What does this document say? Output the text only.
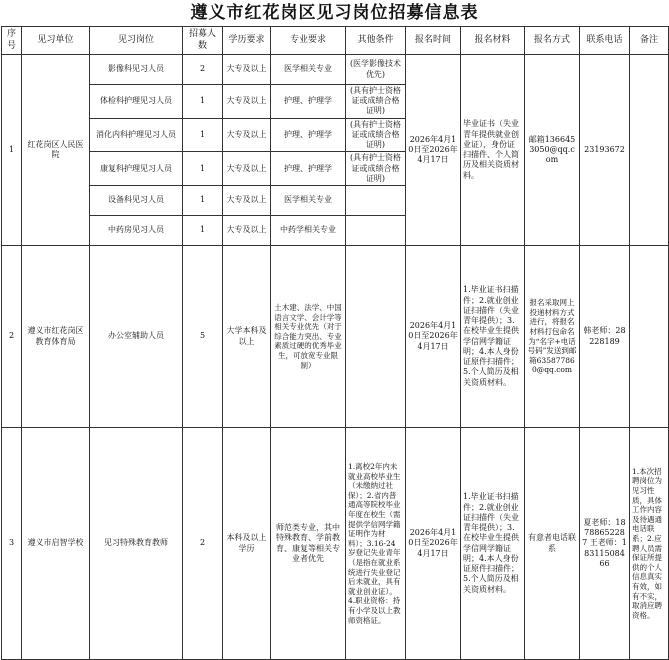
遵义市红花岗区见习岗位招募信息表
序号	见习单位	见习岗位	招募人数	学历要求	专业要求	其他条件	报名时间	报名材料	报名方式	联系电话	备注
1	红花岗区人民医院	影像科见习人员	2	大专及以上	医学相关专业	(医学影像技术优先)	2026年4月10日至2026年4月17日	毕业证书（失业青年提供就业创业证），身份证扫描件、个人简历及相关资质材料。	邮箱1366453050@qq.com	23193672	
		体检科护理见习人员	1	大专及以上	护理、护理学	(具有护士资格证或成绩合格证明)					
		消化内科护理见习人员	1	大专及以上	护理、护理学	(具有护士资格证或成绩合格证明)					
		康复科护理见习人员	1	大专及以上	护理、护理学	(具有护士资格证或成绩合格证明)					
		设备科见习人员	1	大专及以上	医学相关专业						
		中药房见习人员	1	大专及以上	中药学相关专业						
2	遵义市红花岗区教育体育局	办公室辅助人员	5	大学本科及以上	土木建、法学、中国语言文学、会计学等相关专业优先（对于综合能力突出、专业素质过硬的优秀毕业生，可放宽专业限制）		2026年4月10日至2026年4月17日	1.毕业证书扫描件；2.就业创业证扫描件（失业青年提供）；3.在校毕业生提供学信网学籍证明；4.本人身份证原件扫描件；5.个人简历及相关资质材料。	报名采取网上投递材料方式进行，将报名材料打包命名为“名字+电话号码”发送到邮箱635877860@qq.com	韩老师：28228189	
3	遵义市启智学校	见习特殊教育教师	2	本科及以上学历	师范类专业，其中特殊教育、学前教育、康复等相关专业者优先	1.离校2年内未就业高校毕业生（未缴纳过社保）；2.省内普通高等院校毕业年度在校生（需提供学信网学籍证明作为材料）；3.16-24岁登记失业青年（是指在就业系统进行失业登记后未就业，具有就业创业证）。4.职业资格：持有小学及以上教师资格证。	2026年4月10日至2026年4月17日	1.毕业证书扫描件；2.就业创业证扫描件（失业青年提供）；3.在校毕业生提供学信网学籍证明；4.本人身份证原件扫描件；5.个人简历及相关资质材料。	有意者电话联系	夏老师：18788652287 王老师：18311508466	1.本次招聘岗位为见习性质，具体工作内容及待遇通电话联系；2.应聘人员需保证所提供的个人信息真实有效，如有不实，取消应聘资格。
